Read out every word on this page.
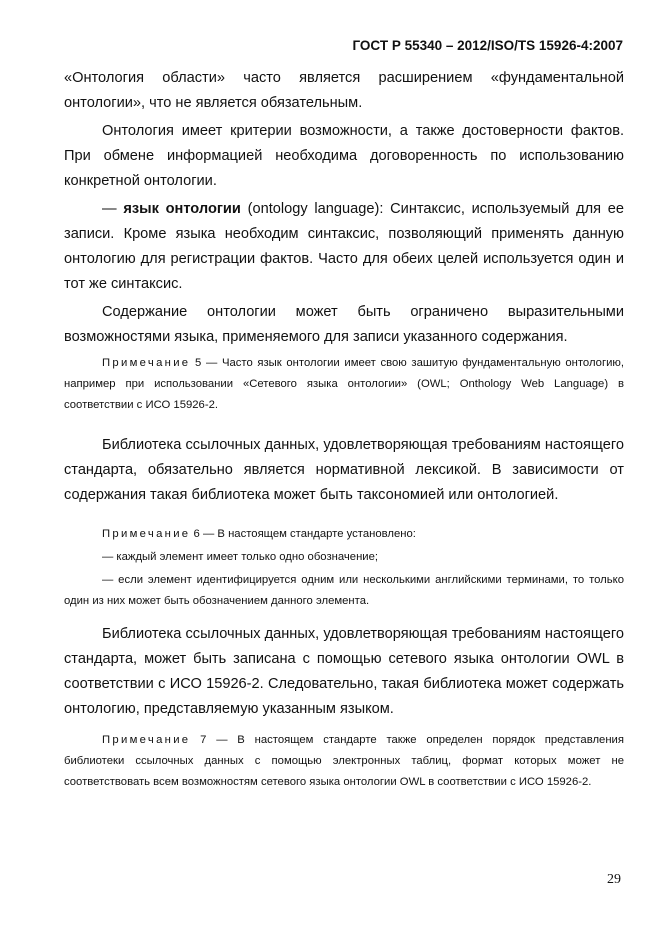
ГОСТ Р 55340 – 2012/ISO/TS 15926-4:2007

«Онтология области» часто является расширением «фундаментальной онтологии», что не является обязательным.

Онтология имеет критерии возможности, а также достоверности фактов. При обмене информацией необходима договоренность по использованию конкретной онтологии.

— язык онтологии (ontology language): Синтаксис, используемый для ее записи. Кроме языка необходим синтаксис, позволяющий применять данную онтологию для регистрации фактов. Часто для обеих целей используется один и тот же синтаксис.

Содержание онтологии может быть ограничено выразительными возможностями языка, применяемого для записи указанного содержания.

Примечание 5 — Часто язык онтологии имеет свою зашитую фундаментальную онтологию, например при использовании «Сетевого языка онтологии» (OWL; Onthology Web Language) в соответствии с ИСО 15926-2.

Библиотека ссылочных данных, удовлетворяющая требованиям настоящего стандарта, обязательно является нормативной лексикой. В зависимости от содержания такая библиотека может быть таксономией или онтологией.

Примечание 6 — В настоящем стандарте установлено:

— каждый элемент имеет только одно обозначение;

— если элемент идентифицируется одним или несколькими английскими терминами, то только один из них может быть обозначением данного элемента.

Библиотека ссылочных данных, удовлетворяющая требованиям настоящего стандарта, может быть записана с помощью сетевого языка онтологии OWL в соответствии с ИСО 15926-2. Следовательно, такая библиотека может содержать онтологию, представляемую указанным языком.

Примечание 7 — В настоящем стандарте также определен порядок представления библиотеки ссылочных данных с помощью электронных таблиц, формат которых может не соответствовать всем возможностям сетевого языка онтологии OWL в соответствии с ИСО 15926-2.

29
